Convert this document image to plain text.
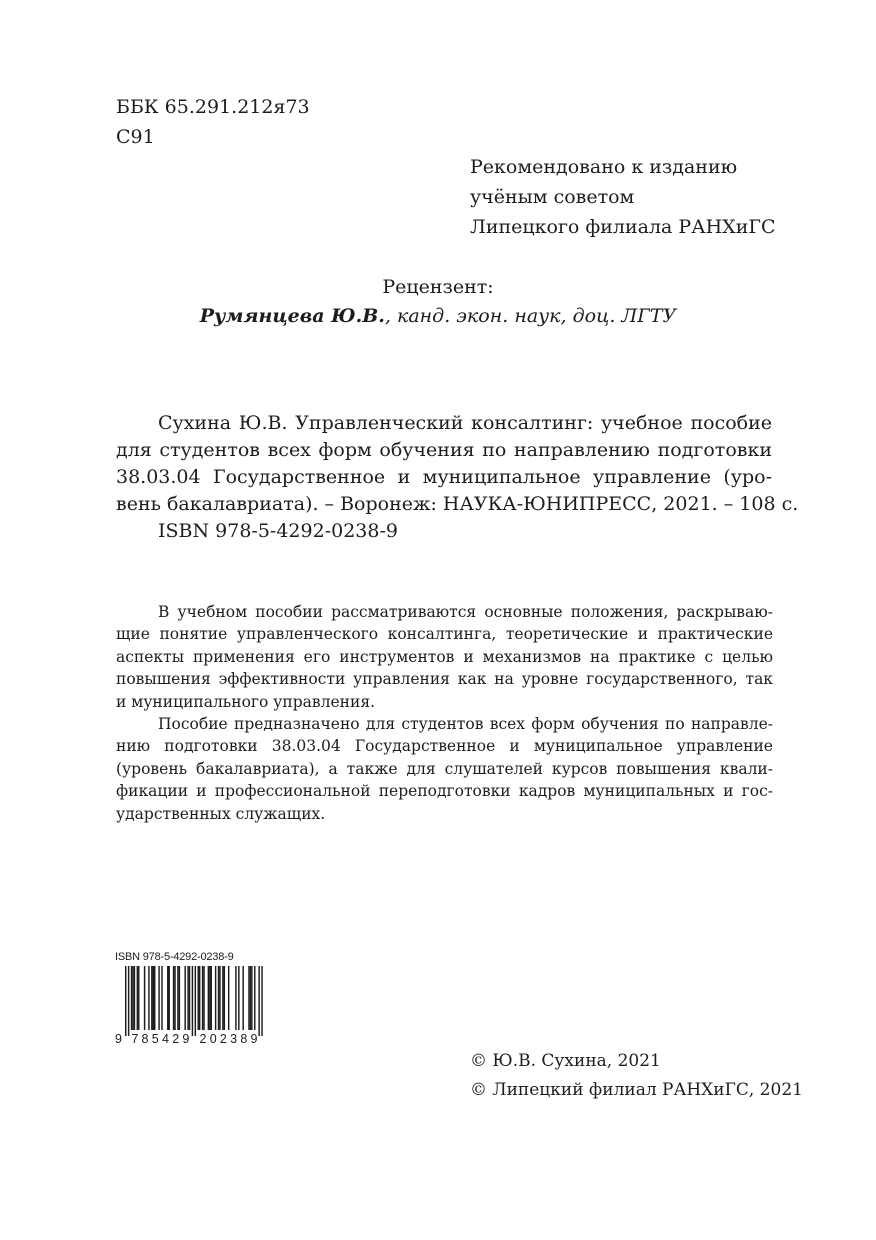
ББК 65.291.212я73
С91
Рекомендовано к изданию
учёным советом
Липецкого филиала РАНХиГС
Рецензент:
Румянцева Ю.В., канд. экон. наук, доц. ЛГТУ
Сухина Ю.В. Управленческий консалтинг: учебное пособие
для студентов всех форм обучения по направлению подготовки
38.03.04 Государственное и муниципальное управление (уро-
вень бакалавриата). – Воронеж: НАУКА-ЮНИПРЕСС, 2021. – 108 с.
ISBN 978-5-4292-0238-9
В учебном пособии рассматриваются основные положения, раскрываю-
щие понятие управленческого консалтинга, теоретические и практические
аспекты применения его инструментов и механизмов на практике с целью
повышения эффективности управления как на уровне государственного, так
и муниципального управления.
Пособие предназначено для студентов всех форм обучения по направле-
нию подготовки 38.03.04 Государственное и муниципальное управление
(уровень бакалавриата), а также для слушателей курсов повышения квали-
фикации и профессиональной переподготовки кадров муниципальных и гос-
ударственных служащих.
ISBN 978-5-4292-0238-9
9 785429 202389
© Ю.В. Сухина, 2021
© Липецкий филиал РАНХиГС, 2021
